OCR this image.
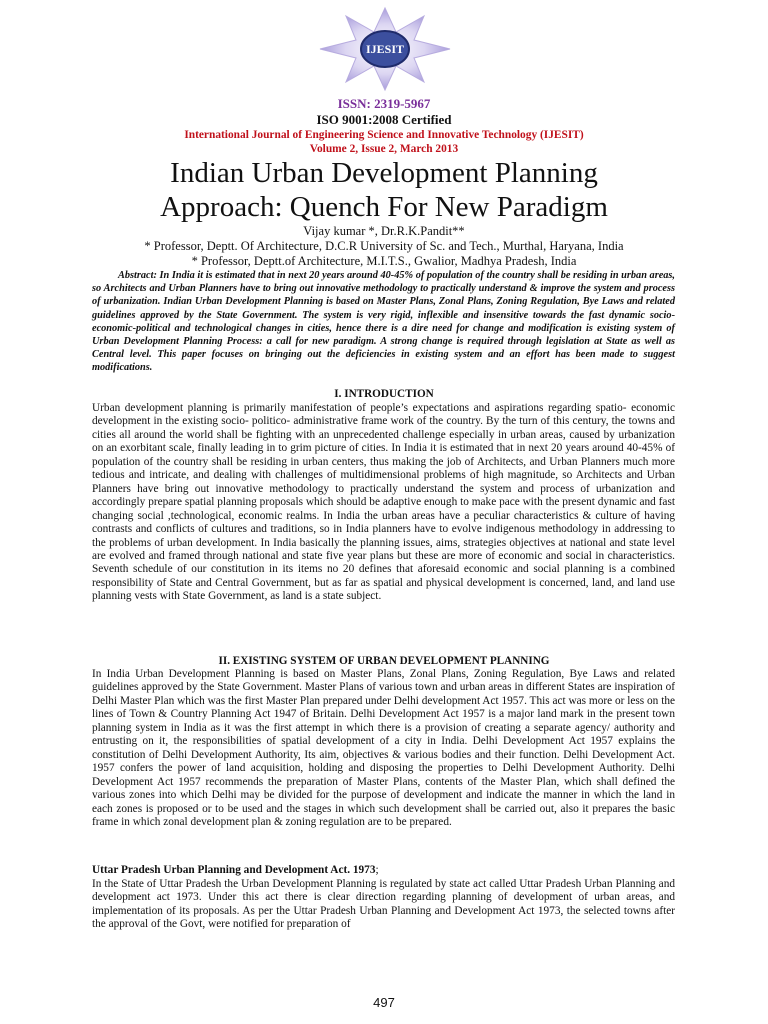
IJESIT
ISSN: 2319-5967
ISO 9001:2008 Certified
International Journal of Engineering Science and Innovative Technology (IJESIT)
Volume 2, Issue 2, March 2013
Indian Urban Development Planning
Approach: Quench For New Paradigm
Vijay kumar *, Dr.R.K.Pandit**
* Professor, Deptt. Of Architecture, D.C.R University of Sc. and Tech., Murthal, Haryana, India
* Professor, Deptt.of Architecture, M.I.T.S., Gwalior, Madhya Pradesh, India

Abstract: In India it is estimated that in next 20 years around 40-45% of population of the country shall be residing in urban areas, so Architects and Urban Planners have to bring out innovative methodology to practically understand & improve the system and process of urbanization. Indian Urban Development Planning is based on Master Plans, Zonal Plans, Zoning Regulation, Bye Laws and related guidelines approved by the State Government. The system is very rigid, inflexible and insensitive towards the fast dynamic socio-economic-political and technological changes in cities, hence there is a dire need for change and modification is existing system of Urban Development Planning Process: a call for new paradigm. A strong change is required through legislation at State as well as Central level. This paper focuses on bringing out the deficiencies in existing system and an effort has been made to suggest modifications.

I. INTRODUCTION

Urban development planning is primarily manifestation of people’s expectations and aspirations regarding spatio- economic development in the existing socio- politico- administrative frame work of the country. By the turn of this century, the towns and cities all around the world shall be fighting with an unprecedented challenge especially in urban areas, caused by urbanization on an exorbitant scale, finally leading in to grim picture of cities. In India it is estimated that in next 20 years around 40-45% of population of the country shall be residing in urban centers, thus making the job of Architects, and Urban Planners much more tedious and intricate, and dealing with challenges of multidimensional problems of high magnitude, so Architects and Urban Planners have bring out innovative methodology to practically understand the system and process of urbanization and accordingly prepare spatial planning proposals which should be adaptive enough to make pace with the present dynamic and fast changing social ,technological, economic realms. In India the urban areas have a peculiar characteristics & culture of having contrasts and conflicts of cultures and traditions, so in India planners have to evolve indigenous methodology in addressing to the problems of urban development. In India basically the planning issues, aims, strategies objectives at national and state level are evolved and framed through national and state five year plans but these are more of economic and social in characteristics. Seventh schedule of our constitution in its items no 20 defines that aforesaid economic and social planning is a combined responsibility of State and Central Government, but as far as spatial and physical development is concerned, land, and land use planning vests with State Government, as land is a state subject.

II. EXISTING SYSTEM OF URBAN DEVELOPMENT PLANNING

In India Urban Development Planning is based on Master Plans, Zonal Plans, Zoning Regulation, Bye Laws and related guidelines approved by the State Government. Master Plans of various town and urban areas in different States are inspiration of Delhi Master Plan which was the first Master Plan prepared under Delhi development Act 1957. This act was more or less on the lines of Town & Country Planning Act 1947 of Britain. Delhi Development Act 1957 is a major land mark in the present town planning system in India as it was the first attempt in which there is a provision of creating a separate agency/ authority and entrusting on it, the responsibilities of spatial development of a city in India. Delhi Development Act 1957 explains the constitution of Delhi Development Authority, Its aim, objectives & various bodies and their function. Delhi Development Act. 1957 confers the power of land acquisition, holding and disposing the properties to Delhi Development Authority. Delhi Development Act 1957 recommends the preparation of Master Plans, contents of the Master Plan, which shall defined the various zones into which Delhi may be divided for the purpose of development and indicate the manner in which the land in each zones is proposed or to be used and the stages in which such development shall be carried out, also it prepares the basic frame in which zonal development plan & zoning regulation are to be prepared.

Uttar Pradesh Urban Planning and Development Act. 1973;

In the State of Uttar Pradesh the Urban Development Planning is regulated by state act called Uttar Pradesh Urban Planning and development act 1973. Under this act there is clear direction regarding planning of development of urban areas, and implementation of its proposals. As per the Uttar Pradesh Urban Planning and Development Act 1973, the selected towns after the approval of the Govt, were notified for preparation of

497
